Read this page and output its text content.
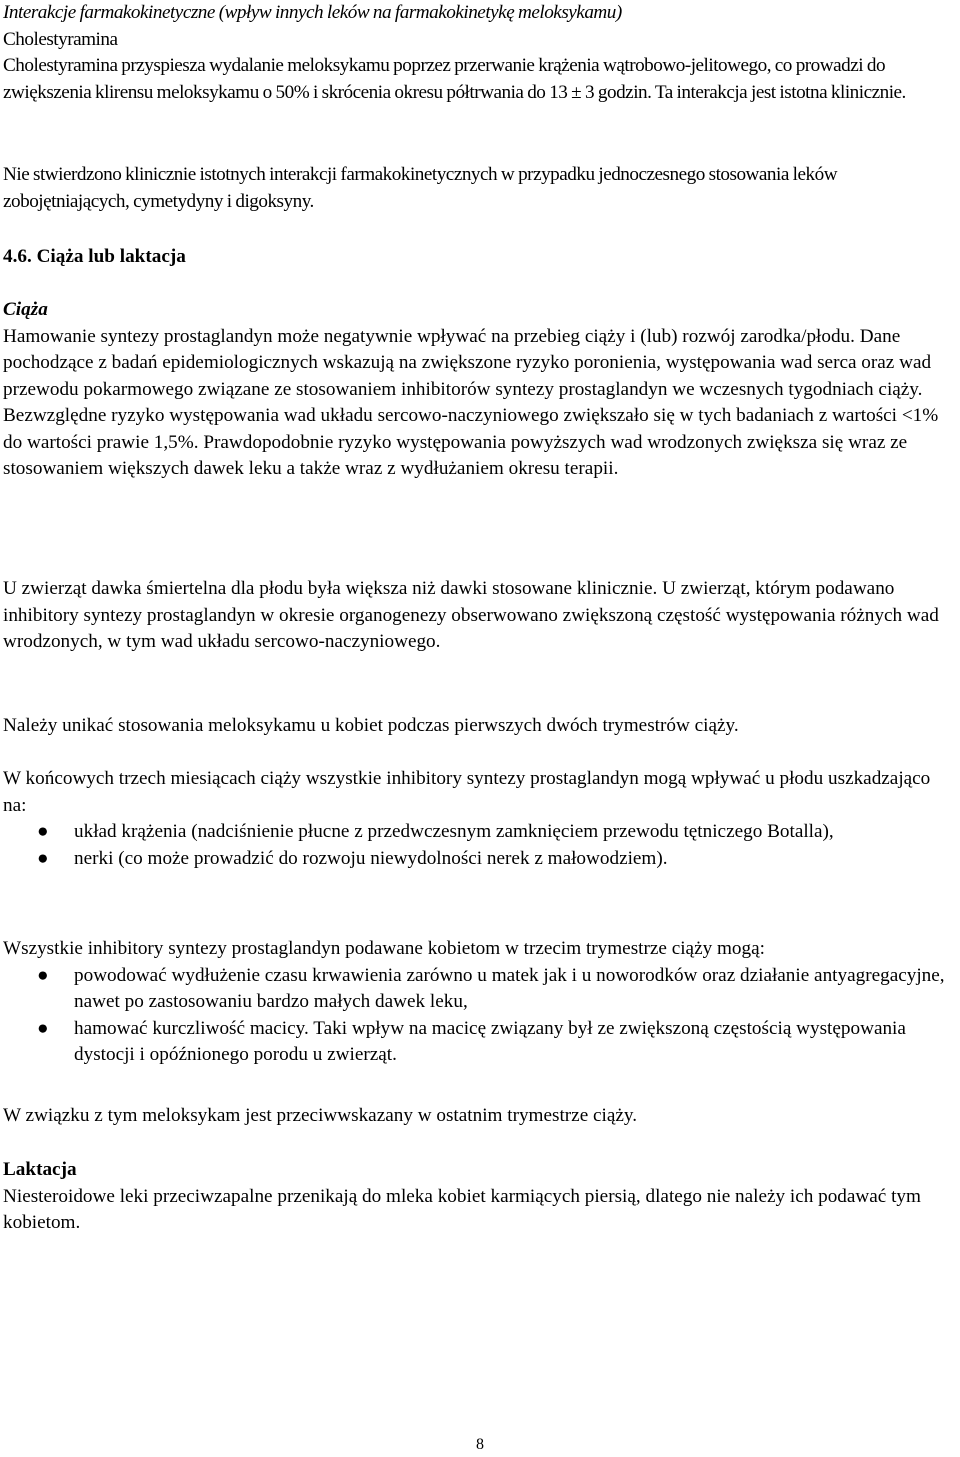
Interakcje farmakokinetyczne (wpływ innych leków na farmakokinetykę meloksykamu)

Cholestyramina

Cholestyramina przyspiesza wydalanie meloksykamu poprzez przerwanie krążenia wątrobowo-jelitowego, co prowadzi do zwiększenia klirensu meloksykamu o 50% i skrócenia okresu półtrwania do 13 ± 3 godzin. Ta interakcja jest istotna klinicznie.

Nie stwierdzono klinicznie istotnych interakcji farmakokinetycznych w przypadku jednoczesnego stosowania leków zobojętniających, cymetydyny i digoksyny.

4.6. Ciąża lub laktacja

Ciąża

Hamowanie syntezy prostaglandyn może negatywnie wpływać na przebieg ciąży i (lub) rozwój zarodka/płodu. Dane pochodzące z badań epidemiologicznych wskazują na zwiększone ryzyko poronienia, występowania wad serca oraz wad przewodu pokarmowego związane ze stosowaniem inhibitorów syntezy prostaglandyn we wczesnych tygodniach ciąży. Bezwzględne ryzyko występowania wad układu sercowo-naczyniowego zwiększało się w tych badaniach z wartości <1% do wartości prawie 1,5%. Prawdopodobnie ryzyko występowania powyższych wad wrodzonych zwiększa się wraz ze stosowaniem większych dawek leku a także wraz z wydłużaniem okresu terapii.

U zwierząt dawka śmiertelna dla płodu była większa niż dawki stosowane klinicznie. U zwierząt, którym podawano inhibitory syntezy prostaglandyn w okresie organogenezy obserwowano zwiększoną częstość występowania różnych wad wrodzonych, w tym wad układu sercowo-naczyniowego.
Należy unikać stosowania meloksykamu u kobiet podczas pierwszych dwóch trymestrów ciąży.

W końcowych trzech miesiącach ciąży wszystkie inhibitory syntezy prostaglandyn mogą wpływać u płodu uszkadzająco na:

● układ krążenia (nadciśnienie płucne z przedwczesnym zamknięciem przewodu tętniczego Botalla),
● nerki (co może prowadzić do rozwoju niewydolności nerek z małowodziem).

Wszystkie inhibitory syntezy prostaglandyn podawane kobietom w trzecim trymestrze ciąży mogą:

● powodować wydłużenie czasu krwawienia zarówno u matek jak i u noworodków oraz działanie antyagregacyjne, nawet po zastosowaniu bardzo małych dawek leku,
● hamować kurczliwość macicy. Taki wpływ na macicę związany był ze zwiększoną częstością występowania dystocji i opóźnionego porodu u zwierząt.
W związku z tym meloksykam jest przeciwwskazany w ostatnim trymestrze ciąży.

Laktacja

Niesteroidowe leki przeciwzapalne przenikają do mleka kobiet karmiących piersią, dlatego nie należy ich podawać tym kobietom.

8
